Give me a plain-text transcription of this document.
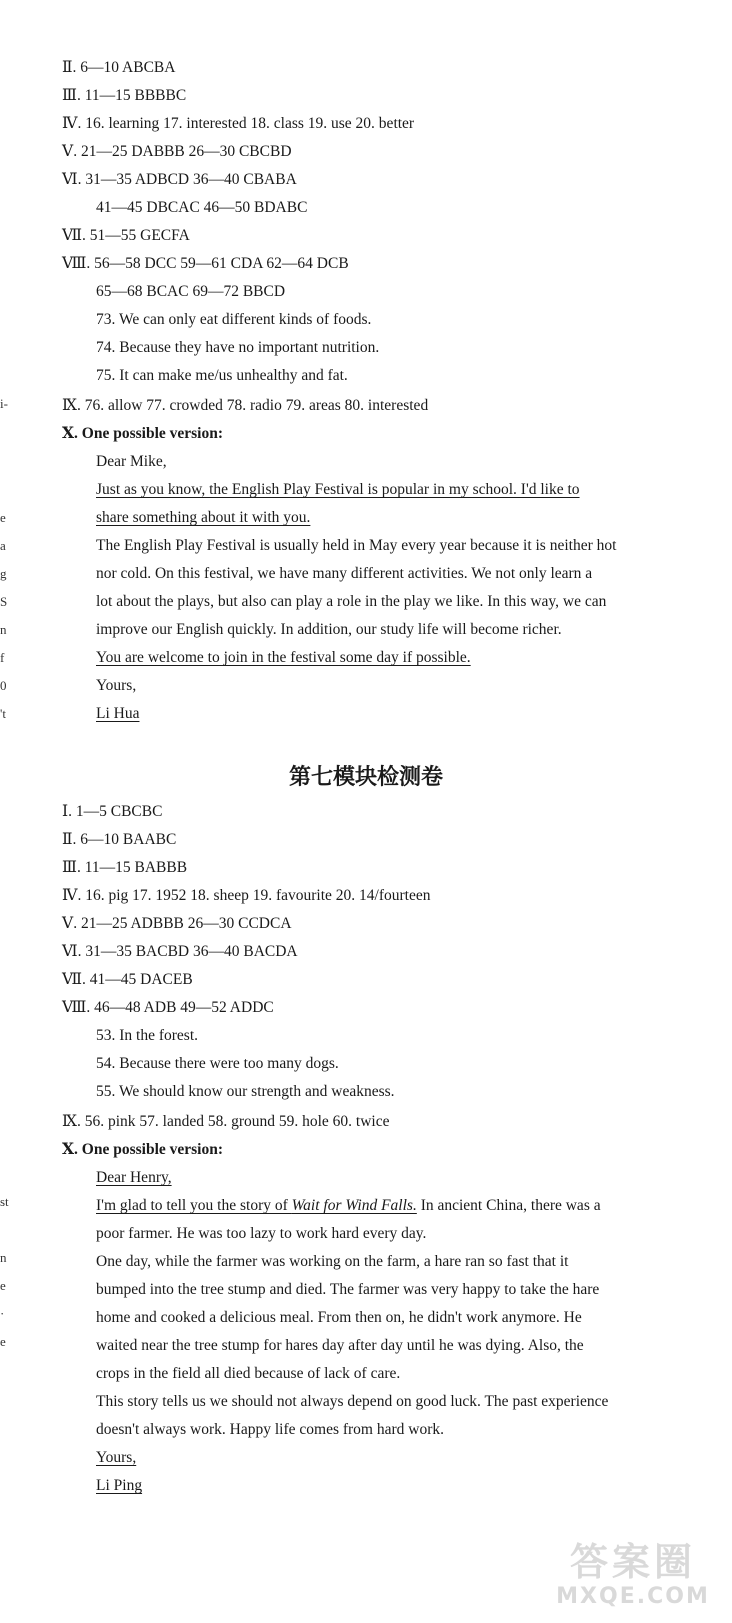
Ⅱ. 6—10 ABCBA
Ⅲ. 11—15 BBBBC
Ⅳ. 16. learning 17. interested 18. class 19. use 20. better
Ⅴ. 21—25 DABBB 26—30 CBCBD
Ⅵ. 31—35 ADBCD 36—40 CBABA
41—45 DBCAC 46—50 BDABC
Ⅶ. 51—55 GECFA
Ⅷ. 56—58 DCC 59—61 CDA 62—64 DCB
65—68 BCAC 69—72 BBCD
73. We can only eat different kinds of foods.
74. Because they have no important nutrition.
75. It can make me/us unhealthy and fat.
Ⅸ. 76. allow 77. crowded 78. radio 79. areas 80. interested
Ⅹ. One possible version:
Dear Mike,
Just as you know, the English Play Festival is popular in my school. I'd like to
share something about it with you.
The English Play Festival is usually held in May every year because it is neither hot
nor cold. On this festival, we have many different activities. We not only learn a
lot about the plays, but also can play a role in the play we like. In this way, we can
improve our English quickly. In addition, our study life will become richer.
You are welcome to join in the festival some day if possible.
Yours,
Li Hua
第七模块检测卷
Ⅰ. 1—5 CBCBC
Ⅱ. 6—10 BAABC
Ⅲ. 11—15 BABBB
Ⅳ. 16. pig 17. 1952 18. sheep 19. favourite 20. 14/fourteen
Ⅴ. 21—25 ADBBB 26—30 CCDCA
Ⅵ. 31—35 BACBD 36—40 BACDA
Ⅶ. 41—45 DACEB
Ⅷ. 46—48 ADB 49—52 ADDC
53. In the forest.
54. Because there were too many dogs.
55. We should know our strength and weakness.
Ⅸ. 56. pink 57. landed 58. ground 59. hole 60. twice
Ⅹ. One possible version:
Dear Henry,
I'm glad to tell you the story of Wait for Wind Falls. In ancient China, there was a
poor farmer. He was too lazy to work hard every day.
One day, while the farmer was working on the farm, a hare ran so fast that it
bumped into the tree stump and died. The farmer was very happy to take the hare
home and cooked a delicious meal. From then on, he didn't work anymore. He
waited near the tree stump for hares day after day until he was dying. Also, the
crops in the field all died because of lack of care.
This story tells us we should not always depend on good luck. The past experience
doesn't always work. Happy life comes from hard work.
Yours,
Li Ping
i-
e
a
g
S
n
f
0
't
st
n
e
·
e
答案圈
MXQE.COM
